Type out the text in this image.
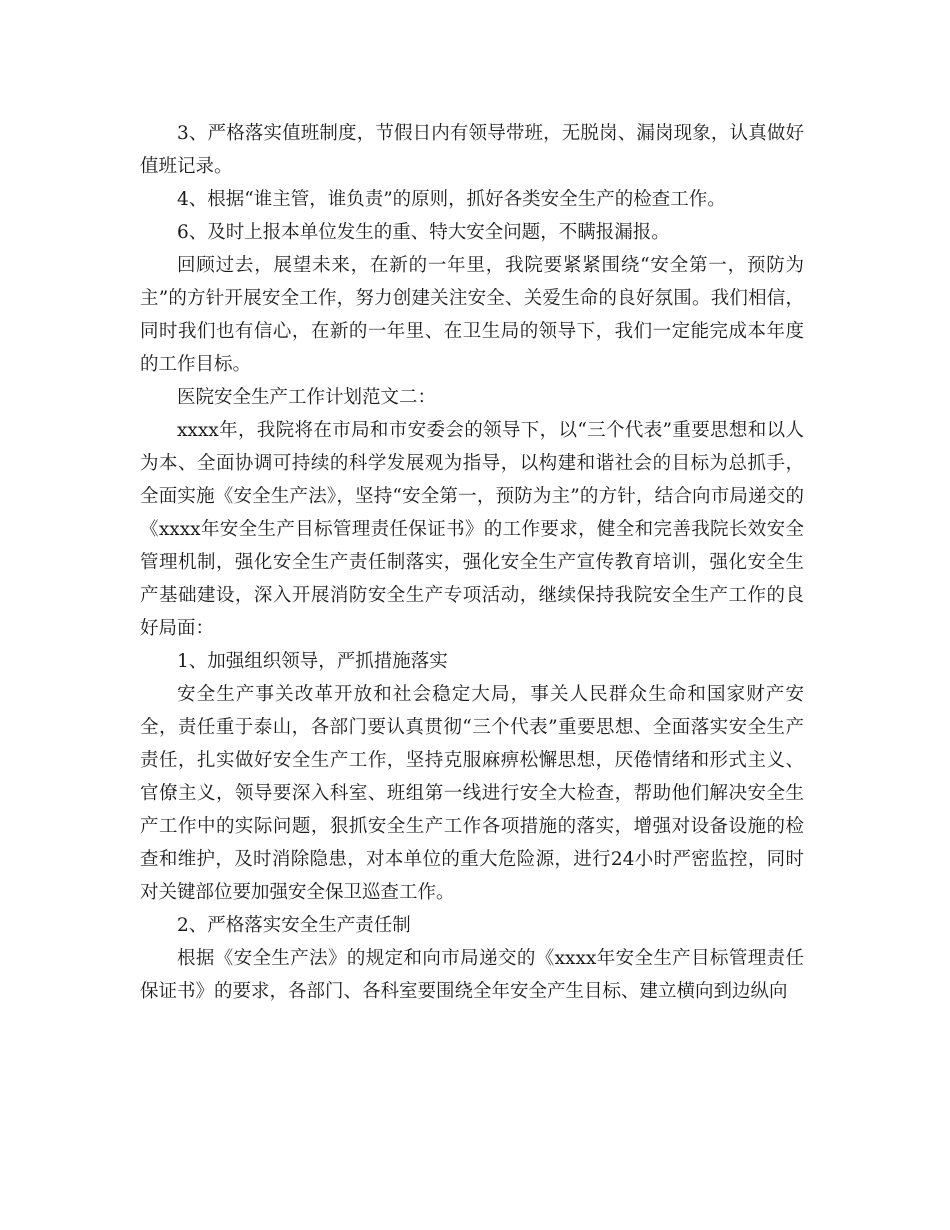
3、严格落实值班制度，节假日内有领导带班，无脱岗、漏岗现象，认真做好值班记录。

4、根据“谁主管，谁负责”的原则，抓好各类安全生产的检查工作。

6、及时上报本单位发生的重、特大安全问题，不瞒报漏报。

回顾过去，展望未来，在新的一年里，我院要紧紧围绕“安全第一，预防为主”的方针开展安全工作，努力创建关注安全、关爱生命的良好氛围。我们相信，同时我们也有信心，在新的一年里、在卫生局的领导下，我们一定能完成本年度的工作目标。

医院安全生产工作计划范文二：

xxxx年，我院将在市局和市安委会的领导下，以“三个代表”重要思想和以人为本、全面协调可持续的科学发展观为指导，以构建和谐社会的目标为总抓手，全面实施《安全生产法》，坚持“安全第一，预防为主”的方针，结合向市局递交的《xxxx年安全生产目标管理责任保证书》的工作要求，健全和完善我院长效安全管理机制，强化安全生产责任制落实，强化安全生产宣传教育培训，强化安全生产基础建设，深入开展消防安全生产专项活动，继续保持我院安全生产工作的良好局面：

1、加强组织领导，严抓措施落实

安全生产事关改革开放和社会稳定大局，事关人民群众生命和国家财产安全，责任重于泰山，各部门要认真贯彻“三个代表”重要思想、全面落实安全生产责任，扎实做好安全生产工作，坚持克服麻痹松懈思想，厌倦情绪和形式主义、官僚主义，领导要深入科室、班组第一线进行安全大检查，帮助他们解决安全生产工作中的实际问题，狠抓安全生产工作各项措施的落实，增强对设备设施的检查和维护，及时消除隐患，对本单位的重大危险源，进行24小时严密监控，同时对关键部位要加强安全保卫巡查工作。

2、严格落实安全生产责任制

根据《安全生产法》的规定和向市局递交的《xxxx年安全生产目标管理责任保证书》的要求，各部门、各科室要围绕全年安全产生目标、建立横向到边纵向
